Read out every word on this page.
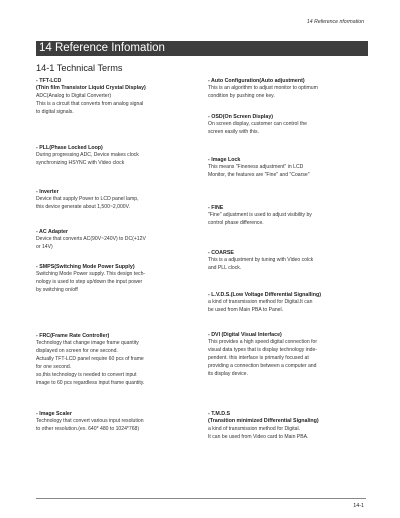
14 Reference nformation
14 Reference Infomation
14-1 Technical Terms
- TFT-LCD
(Thin film Transistor Liquid Crystal Display)
ADC(Analog to Digital Converter)
This is a circuit that converts from analog signal
to digital signals.
- PLL(Phase Locked Loop)
During progressing ADC, Device makes clock
synchronizing HSYNC with Video clock
- Inverter
Device that supply Power to LCD panel lamp,
this device generate about 1,500~2,000V.
- AC Adapter
Device that converts AC(90V~240V) to DC(+12V
or 14V)
- SMPS(Switching Mode Power Supply)
Switching Mode Power supply. This design tech-
nology is used to step up/down the input power
by switching on/off
- FRC(Frame Rate Controller)
Technology that change image frame quantity
displayed on screen for one second.
Actually TFT-LCD panel require 60 pcs of frame
for one second.
so,this technology is needed to convert input
image to 60 pcs regardless input frame quantity.
- Image Scaler
Technology that convert various input resolution
to other resolution.(ex. 640* 480 to 1024*768)
- Auto Configuration(Auto adjustment)
This is an algorithm to adjust monitor to optimum
condition by pushing one key.
- OSD(On Screen Display)
On screen display, customer can control the
screen easily with this.
- Image Lock
This means "Fineness adjustment" in LCD
Monitor, the features are "Fine" and "Coarse"
- FINE
"Fine" adjustment is used to adjust visibility by
control phase difference.
- COARSE
This is a adjustment by tuning with Video colck
and PLL clock.
- L.V.D.S.(Low Voltage Differential Signalling)
a kind of transmission method for Digital.It can
be used from Main PBA to Panel.
- DVI (Digital Visual Interface)
This provides a high speed digital connection for
visual data types that is display technology inde-
pendent. this interface is primarily focused at
providing a connection between a computer and
its display device.
- T.M.D.S
(Transition minimized Differential Signaling)
a kind of transmission method for Digital.
It can be used from Video card to Main PBA.
14-1
